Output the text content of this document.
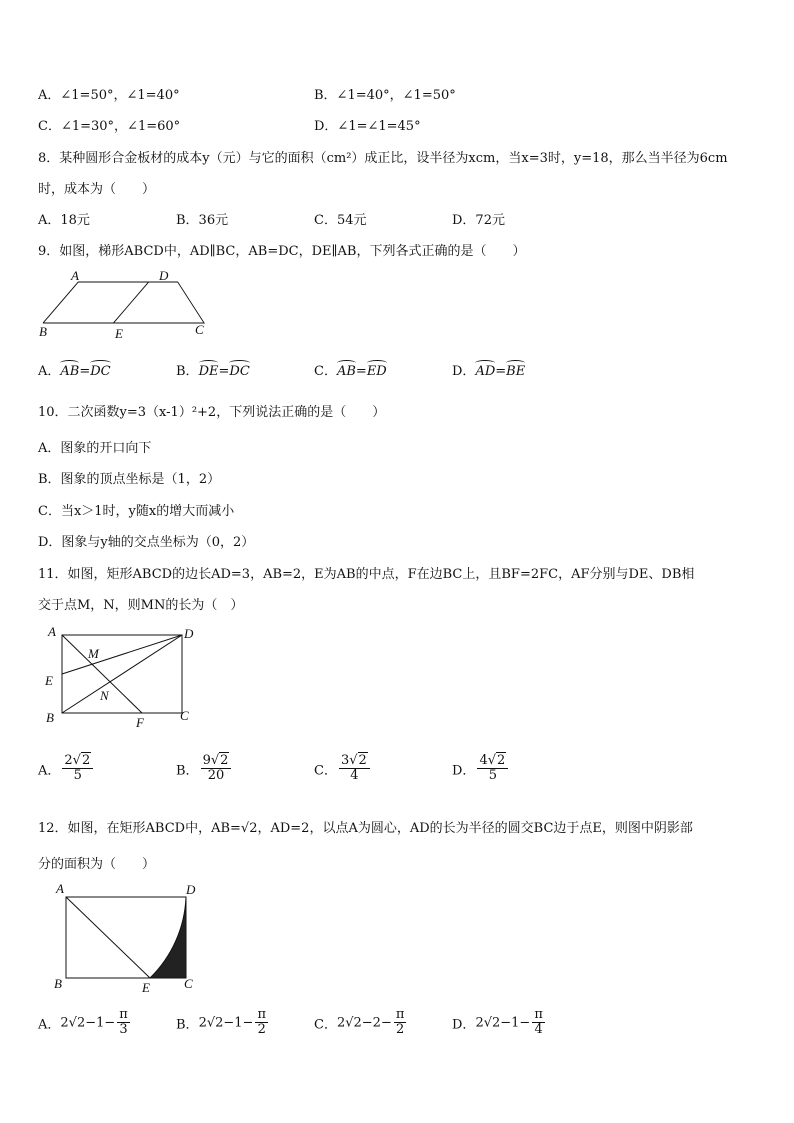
A．∠1=50°，∠1=40°	B．∠1=40°，∠1=50°
C．∠1=30°，∠1=60°	D．∠1=∠1=45°
8．某种圆形合金板材的成本y（元）与它的面积（cm²）成正比，设半径为xcm，当x=3时，y=18，那么当半径为6cm
时，成本为（　　）
A．18元	B．36元	C．54元	D．72元
9．如图，梯形ABCD中，AD∥BC，AB=DC，DE∥AB，下列各式正确的是（　　）
A	D
B	E	C
A．AB=DC	B．DE=DC	C．AB=ED	D．AD=BE
10．二次函数y=3（x-1）²+2，下列说法正确的是（　　）
A．图象的开口向下
B．图象的顶点坐标是（1，2）
C．当x＞1时，y随x的增大而减小
D．图象与y轴的交点坐标为（0，2）
11．如图，矩形ABCD的边长AD=3，AB=2，E为AB的中点，F在边BC上，且BF=2FC，AF分别与DE、DB相
交于点M，N，则MN的长为（　）
A	D
M
E
N
B	F	C
A． $\frac{2√2}{5}$	B． $\frac{9√2}{20}$	C． $\frac{3√2}{4}$	D． $\frac{4√2}{5}$
12．如图，在矩形ABCD中，AB=√2，AD=2，以点A为圆心，AD的长为半径的圆交BC边于点E，则图中阴影部
分的面积为（　　）
A	D
B	E	C
A．$2√2-1- \frac{\pi}{3}$	B．$2√2-1- \frac{\pi}{2}$	C．$2√2-2- \frac{\pi}{2}$	D．$2√2-1- \frac{\pi}{4}$
